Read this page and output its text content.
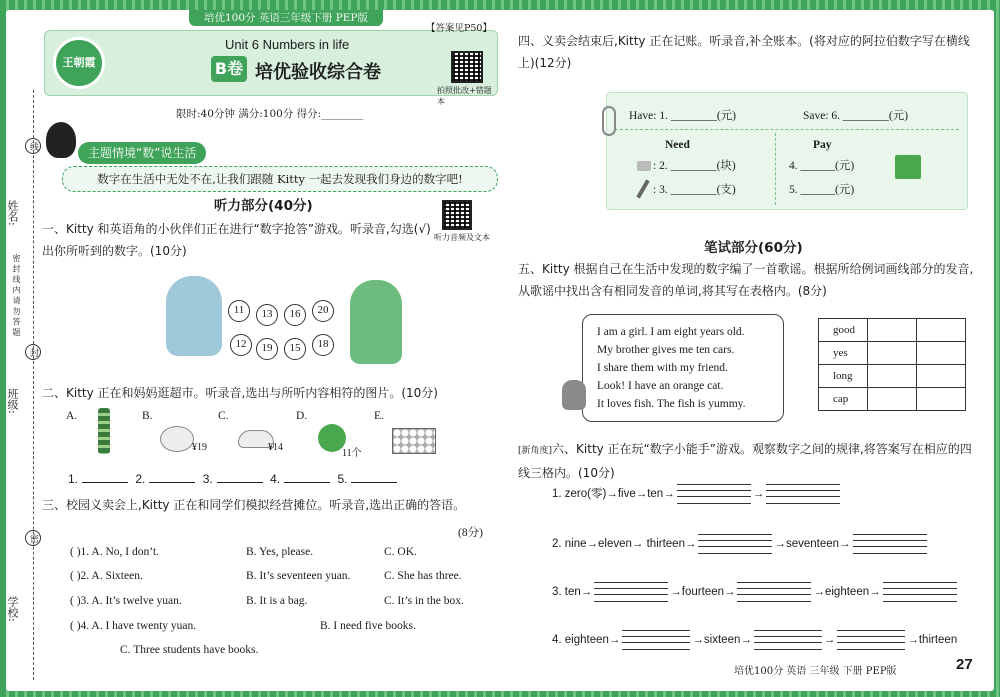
培优100分 英语三年级下册 PEP版
王朝霞
Unit 6 Numbers in life
B卷 培优验收综合卷
拍照批改+错题本
【答案见P50】
限时:40分钟 满分:100分 得分:________
主题情境“数”说生活
数字在生活中无处不在,让我们跟随 Kitty 一起去发现我们身边的数字吧!
姓名:
密 封 线 内 请 勿 答 题
班级:
学校:
线
封
密
听力部分(40分)
听力音频及文本
一、Kitty 和英语角的小伙伴们正在进行“数字抢答”游戏。听录音,勾选(√)出你所听到的数字。(10分)
11	13	16	20
12	19	15	18
二、Kitty 正在和妈妈逛超市。听录音,选出与所听内容相符的图片。(10分)
A.	B.
¥19
C.
¥14
D.
11个
E.
1.	2.	3.	4.	5.
三、校园义卖会上,Kitty 正在和同学们模拟经营摊位。听录音,选出正确的答语。
(8分)
( )1. A. No, I don’t.	B. Yes, please.	C. OK.
( )2. A. Sixteen.	B. It’s seventeen yuan.	C. She has three.
( )3. A. It’s twelve yuan.	B. It is a bag.	C. It’s in the box.
( )4. A. I have twenty yuan.	B. I need five books.
C. Three students have books.
四、义卖会结束后,Kitty 正在记账。听录音,补全账本。(将对应的阿拉伯数字写在横线上)(12分)
Have: 1. ________(元)	Save: 6. ________(元)
Need	Pay
: 2. ________(块)
: 3. ________(支)
4. ______(元)
5. ______(元)
笔试部分(60分)
五、Kitty 根据自己在生活中发现的数字编了一首歌谣。根据所给例词画线部分的发音,从歌谣中找出含有相同发音的单词,将其写在表格内。(8分)
I am a girl. I am eight years old.
My brother gives me ten cars.
I share them with my friend.
Look! I have an orange cat.
It loves fish. The fish is yummy.
good		
yes		
long		
cap		
[新角度]六、Kitty 正在玩“数字小能手”游戏。观察数字之间的规律,将答案写在相应的四线三格内。(10分)
1. zero(零)→five→ten→	→
2. nine→eleven→ thirteen→	→seventeen→
3. ten→	→fourteen→	→eighteen→
4. eighteen→	→sixteen→	→	→thirteen
培优100分 英语 三年级 下册 PEP版	27
